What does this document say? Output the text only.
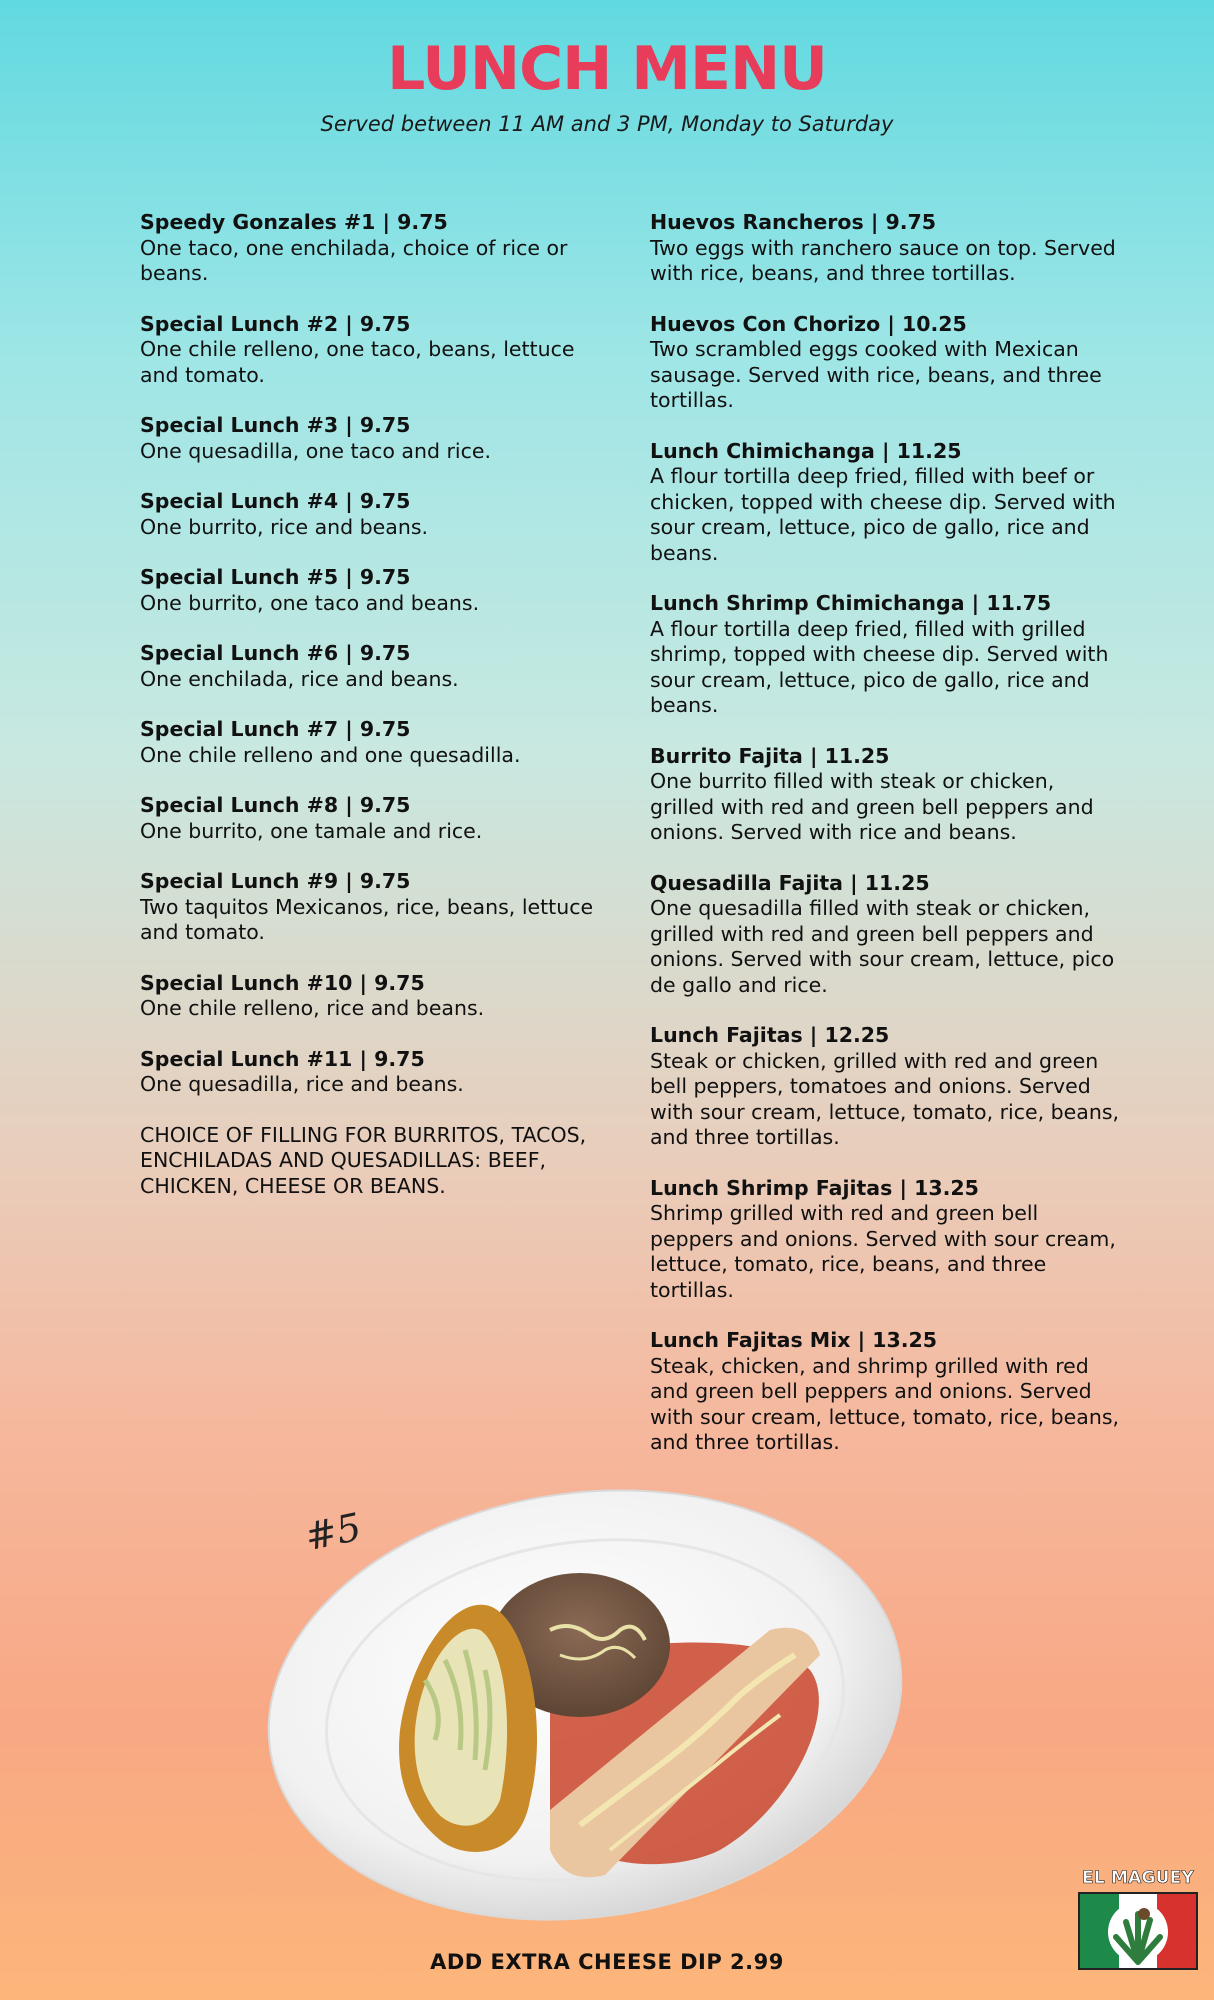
LUNCH MENU
Served between 11 AM and 3 PM, Monday to Saturday
Speedy Gonzales #1 | 9.75
One taco, one enchilada, choice of rice or beans.
Special Lunch #2 | 9.75
One chile relleno, one taco, beans, lettuce and tomato.
Special Lunch #3 | 9.75
One quesadilla, one taco and rice.
Special Lunch #4 | 9.75
One burrito, rice and beans.
Special Lunch #5 | 9.75
One burrito, one taco and beans.
Special Lunch #6 | 9.75
One enchilada, rice and beans.
Special Lunch #7 | 9.75
One chile relleno and one quesadilla.
Special Lunch #8 | 9.75
One burrito, one tamale and rice.
Special Lunch #9 | 9.75
Two taquitos Mexicanos, rice, beans, lettuce and tomato.
Special Lunch #10 | 9.75
One chile relleno, rice and beans.
Special Lunch #11 | 9.75
One quesadilla, rice and beans.
CHOICE OF FILLING FOR BURRITOS, TACOS, ENCHILADAS AND QUESADILLAS: BEEF, CHICKEN, CHEESE OR BEANS.
Huevos Rancheros | 9.75
Two eggs with ranchero sauce on top. Served with rice, beans, and three tortillas.
Huevos Con Chorizo | 10.25
Two scrambled eggs cooked with Mexican sausage. Served with rice, beans, and three tortillas.
Lunch Chimichanga | 11.25
A flour tortilla deep fried, filled with beef or chicken, topped with cheese dip. Served with sour cream, lettuce, pico de gallo, rice and beans.
Lunch Shrimp Chimichanga | 11.75
A flour tortilla deep fried, filled with grilled shrimp, topped with cheese dip. Served with sour cream, lettuce, pico de gallo, rice and beans.
Burrito Fajita | 11.25
One burrito filled with steak or chicken, grilled with red and green bell peppers and onions. Served with rice and beans.
Quesadilla Fajita | 11.25
One quesadilla filled with steak or chicken, grilled with red and green bell peppers and onions. Served with sour cream, lettuce, pico de gallo and rice.
Lunch Fajitas | 12.25
Steak or chicken, grilled with red and green bell peppers, tomatoes and onions. Served with sour cream, lettuce, tomato, rice, beans, and three tortillas.
Lunch Shrimp Fajitas | 13.25
Shrimp grilled with red and green bell peppers and onions. Served with sour cream, lettuce, tomato, rice, beans, and three tortillas.
Lunch Fajitas Mix | 13.25
Steak, chicken, and shrimp grilled with red and green bell peppers and onions. Served with sour cream, lettuce, tomato, rice, beans, and three tortillas.
#5
ADD EXTRA CHEESE DIP 2.99
EL MAGUEY
